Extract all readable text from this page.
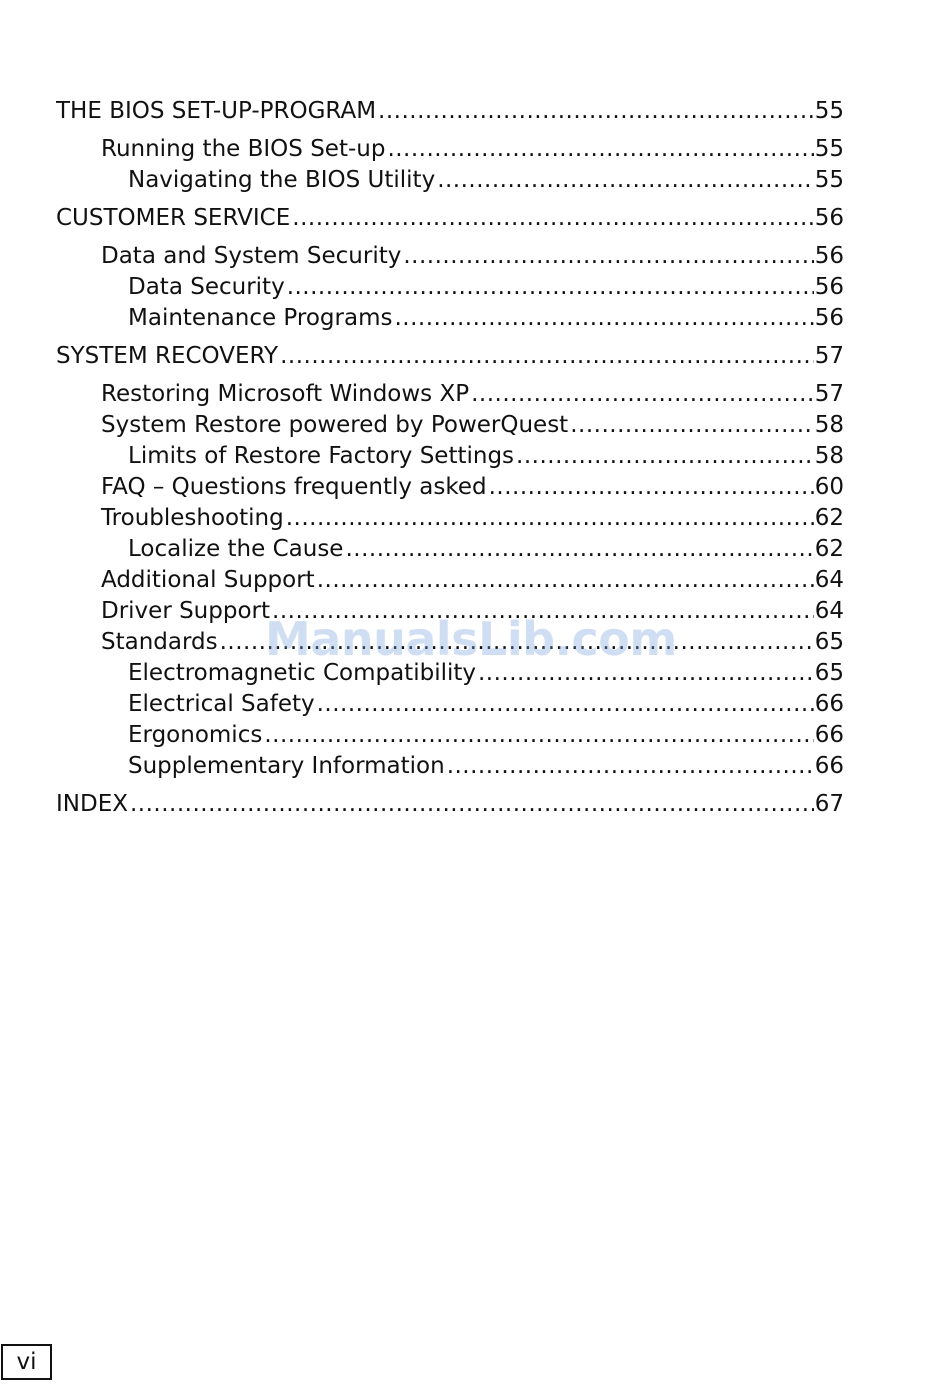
THE BIOS SET-UP-PROGRAM .....	55
Running the BIOS Set-up .....	55
Navigating the BIOS Utility .....	55
CUSTOMER SERVICE .....	56
Data and System Security .....	56
Data Security .....	56
Maintenance Programs .....	56
SYSTEM RECOVERY .....	57
Restoring Microsoft Windows XP .....	57
System Restore powered by PowerQuest .....	58
Limits of Restore Factory Settings .....	58
FAQ – Questions frequently asked .....	60
Troubleshooting .....	62
Localize the Cause .....	62
Additional Support .....	64
Driver Support .....	64
Standards .....	65
Electromagnetic Compatibility .....	65
Electrical Safety .....	66
Ergonomics .....	66
Supplementary Information .....	66
INDEX .....	67
ManualsLib.com
vi
